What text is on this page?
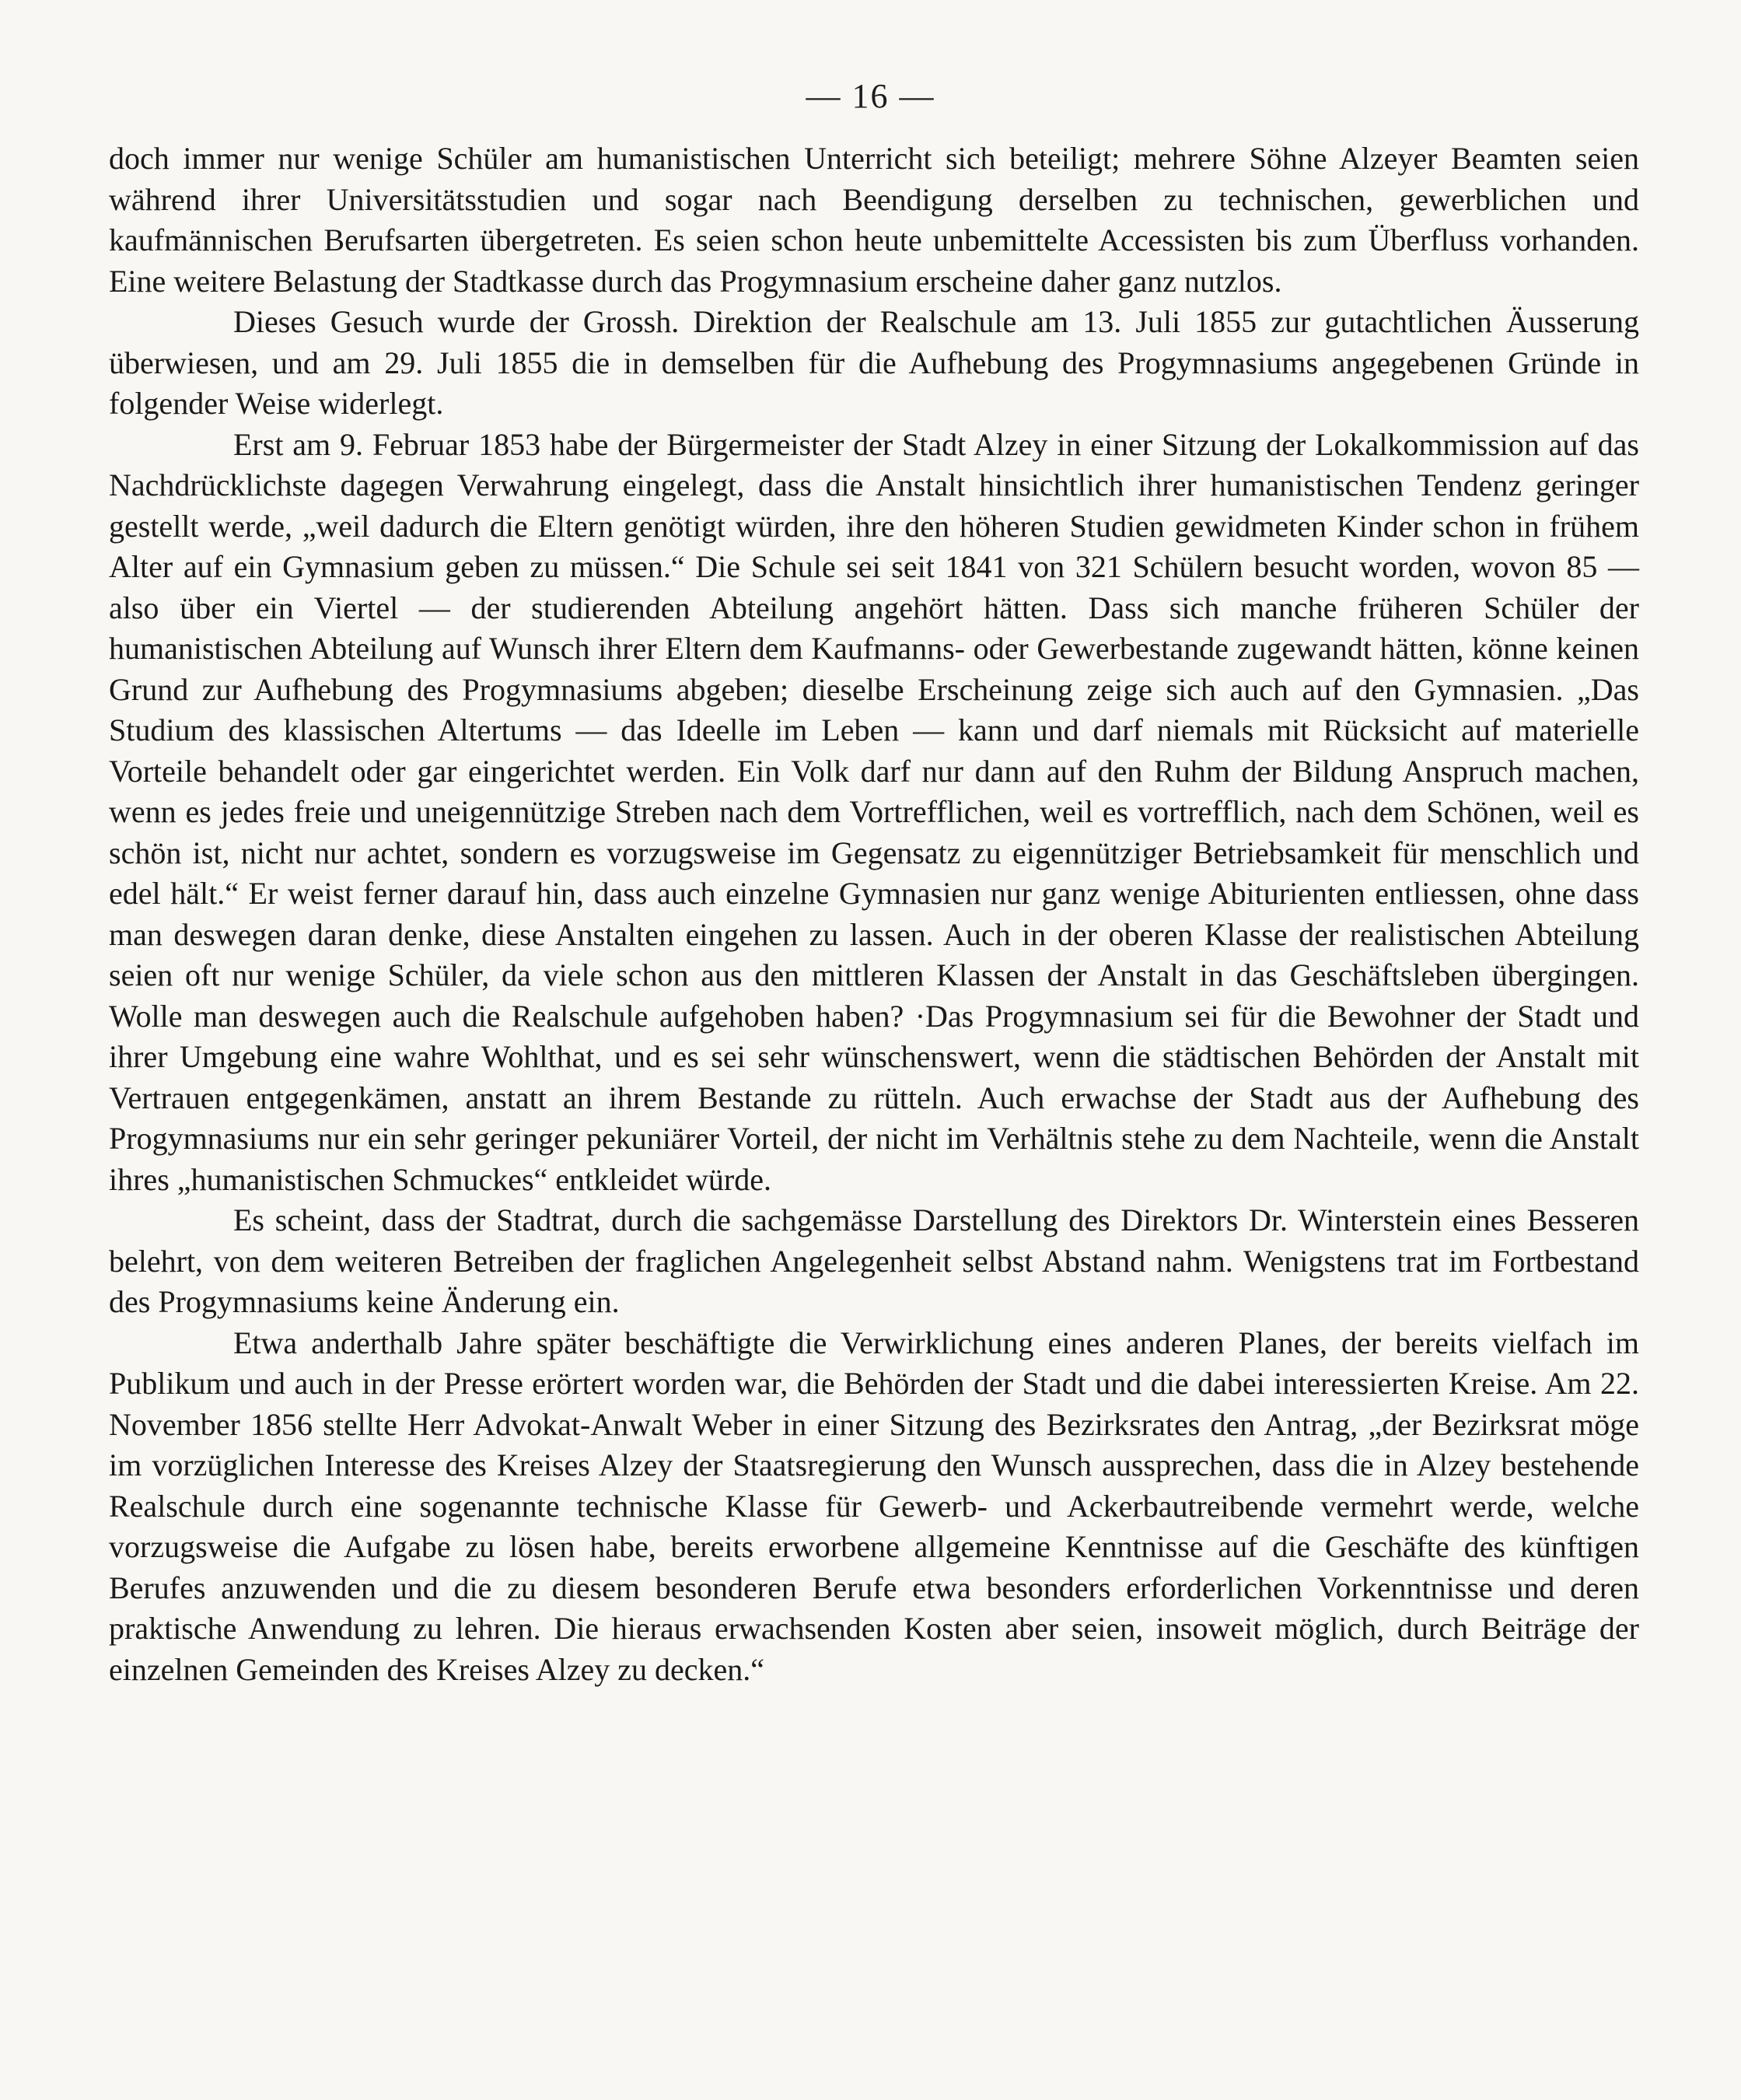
— 16 —

doch immer nur wenige Schüler am humanistischen Unterricht sich beteiligt; mehrere Söhne Alzeyer Beamten seien während ihrer Universitätsstudien und sogar nach Beendigung derselben zu technischen, gewerblichen und kaufmännischen Berufsarten übergetreten. Es seien schon heute unbemittelte Accessisten bis zum Überfluss vorhanden. Eine weitere Belastung der Stadtkasse durch das Progymnasium erscheine daher ganz nutzlos.

Dieses Gesuch wurde der Grossh. Direktion der Realschule am 13. Juli 1855 zur gutachtlichen Äusserung überwiesen, und am 29. Juli 1855 die in demselben für die Aufhebung des Progymnasiums angegebenen Gründe in folgender Weise widerlegt.

Erst am 9. Februar 1853 habe der Bürgermeister der Stadt Alzey in einer Sitzung der Lokalkommission auf das Nachdrücklichste dagegen Verwahrung eingelegt, dass die Anstalt hinsichtlich ihrer humanistischen Tendenz geringer gestellt werde, „weil dadurch die Eltern genötigt würden, ihre den höheren Studien gewidmeten Kinder schon in frühem Alter auf ein Gymnasium geben zu müssen.“ Die Schule sei seit 1841 von 321 Schülern besucht worden, wovon 85 — also über ein Viertel — der studierenden Abteilung angehört hätten. Dass sich manche früheren Schüler der humanistischen Abteilung auf Wunsch ihrer Eltern dem Kaufmanns- oder Gewerbestande zugewandt hätten, könne keinen Grund zur Aufhebung des Progymnasiums abgeben; dieselbe Erscheinung zeige sich auch auf den Gymnasien. „Das Studium des klassischen Altertums — das Ideelle im Leben — kann und darf niemals mit Rücksicht auf materielle Vorteile behandelt oder gar eingerichtet werden. Ein Volk darf nur dann auf den Ruhm der Bildung Anspruch machen, wenn es jedes freie und uneigennützige Streben nach dem Vortrefflichen, weil es vortrefflich, nach dem Schönen, weil es schön ist, nicht nur achtet, sondern es vorzugsweise im Gegensatz zu eigennütziger Betriebsamkeit für menschlich und edel hält.“ Er weist ferner darauf hin, dass auch einzelne Gymnasien nur ganz wenige Abiturienten entliessen, ohne dass man deswegen daran denke, diese Anstalten eingehen zu lassen. Auch in der oberen Klasse der realistischen Abteilung seien oft nur wenige Schüler, da viele schon aus den mittleren Klassen der Anstalt in das Geschäftsleben übergingen. Wolle man deswegen auch die Realschule aufgehoben haben? ·Das Progymnasium sei für die Bewohner der Stadt und ihrer Umgebung eine wahre Wohlthat, und es sei sehr wünschenswert, wenn die städtischen Behörden der Anstalt mit Vertrauen entgegenkämen, anstatt an ihrem Bestande zu rütteln. Auch erwachse der Stadt aus der Aufhebung des Progymnasiums nur ein sehr geringer pekuniärer Vorteil, der nicht im Verhältnis stehe zu dem Nachteile, wenn die Anstalt ihres „humanistischen Schmuckes“ entkleidet würde.

Es scheint, dass der Stadtrat, durch die sachgemässe Darstellung des Direktors Dr. Winterstein eines Besseren belehrt, von dem weiteren Betreiben der fraglichen Angelegenheit selbst Abstand nahm. Wenigstens trat im Fortbestand des Progymnasiums keine Änderung ein.

Etwa anderthalb Jahre später beschäftigte die Verwirklichung eines anderen Planes, der bereits vielfach im Publikum und auch in der Presse erörtert worden war, die Behörden der Stadt und die dabei interessierten Kreise. Am 22. November 1856 stellte Herr Advokat-Anwalt Weber in einer Sitzung des Bezirksrates den Antrag, „der Bezirksrat möge im vorzüglichen Interesse des Kreises Alzey der Staatsregierung den Wunsch aussprechen, dass die in Alzey bestehende Realschule durch eine sogenannte technische Klasse für Gewerb- und Ackerbautreibende vermehrt werde, welche vorzugsweise die Aufgabe zu lösen habe, bereits erworbene allgemeine Kenntnisse auf die Geschäfte des künftigen Berufes anzuwenden und die zu diesem besonderen Berufe etwa besonders erforderlichen Vorkenntnisse und deren praktische Anwendung zu lehren. Die hieraus erwachsenden Kosten aber seien, insoweit möglich, durch Beiträge der einzelnen Gemeinden des Kreises Alzey zu decken.“
